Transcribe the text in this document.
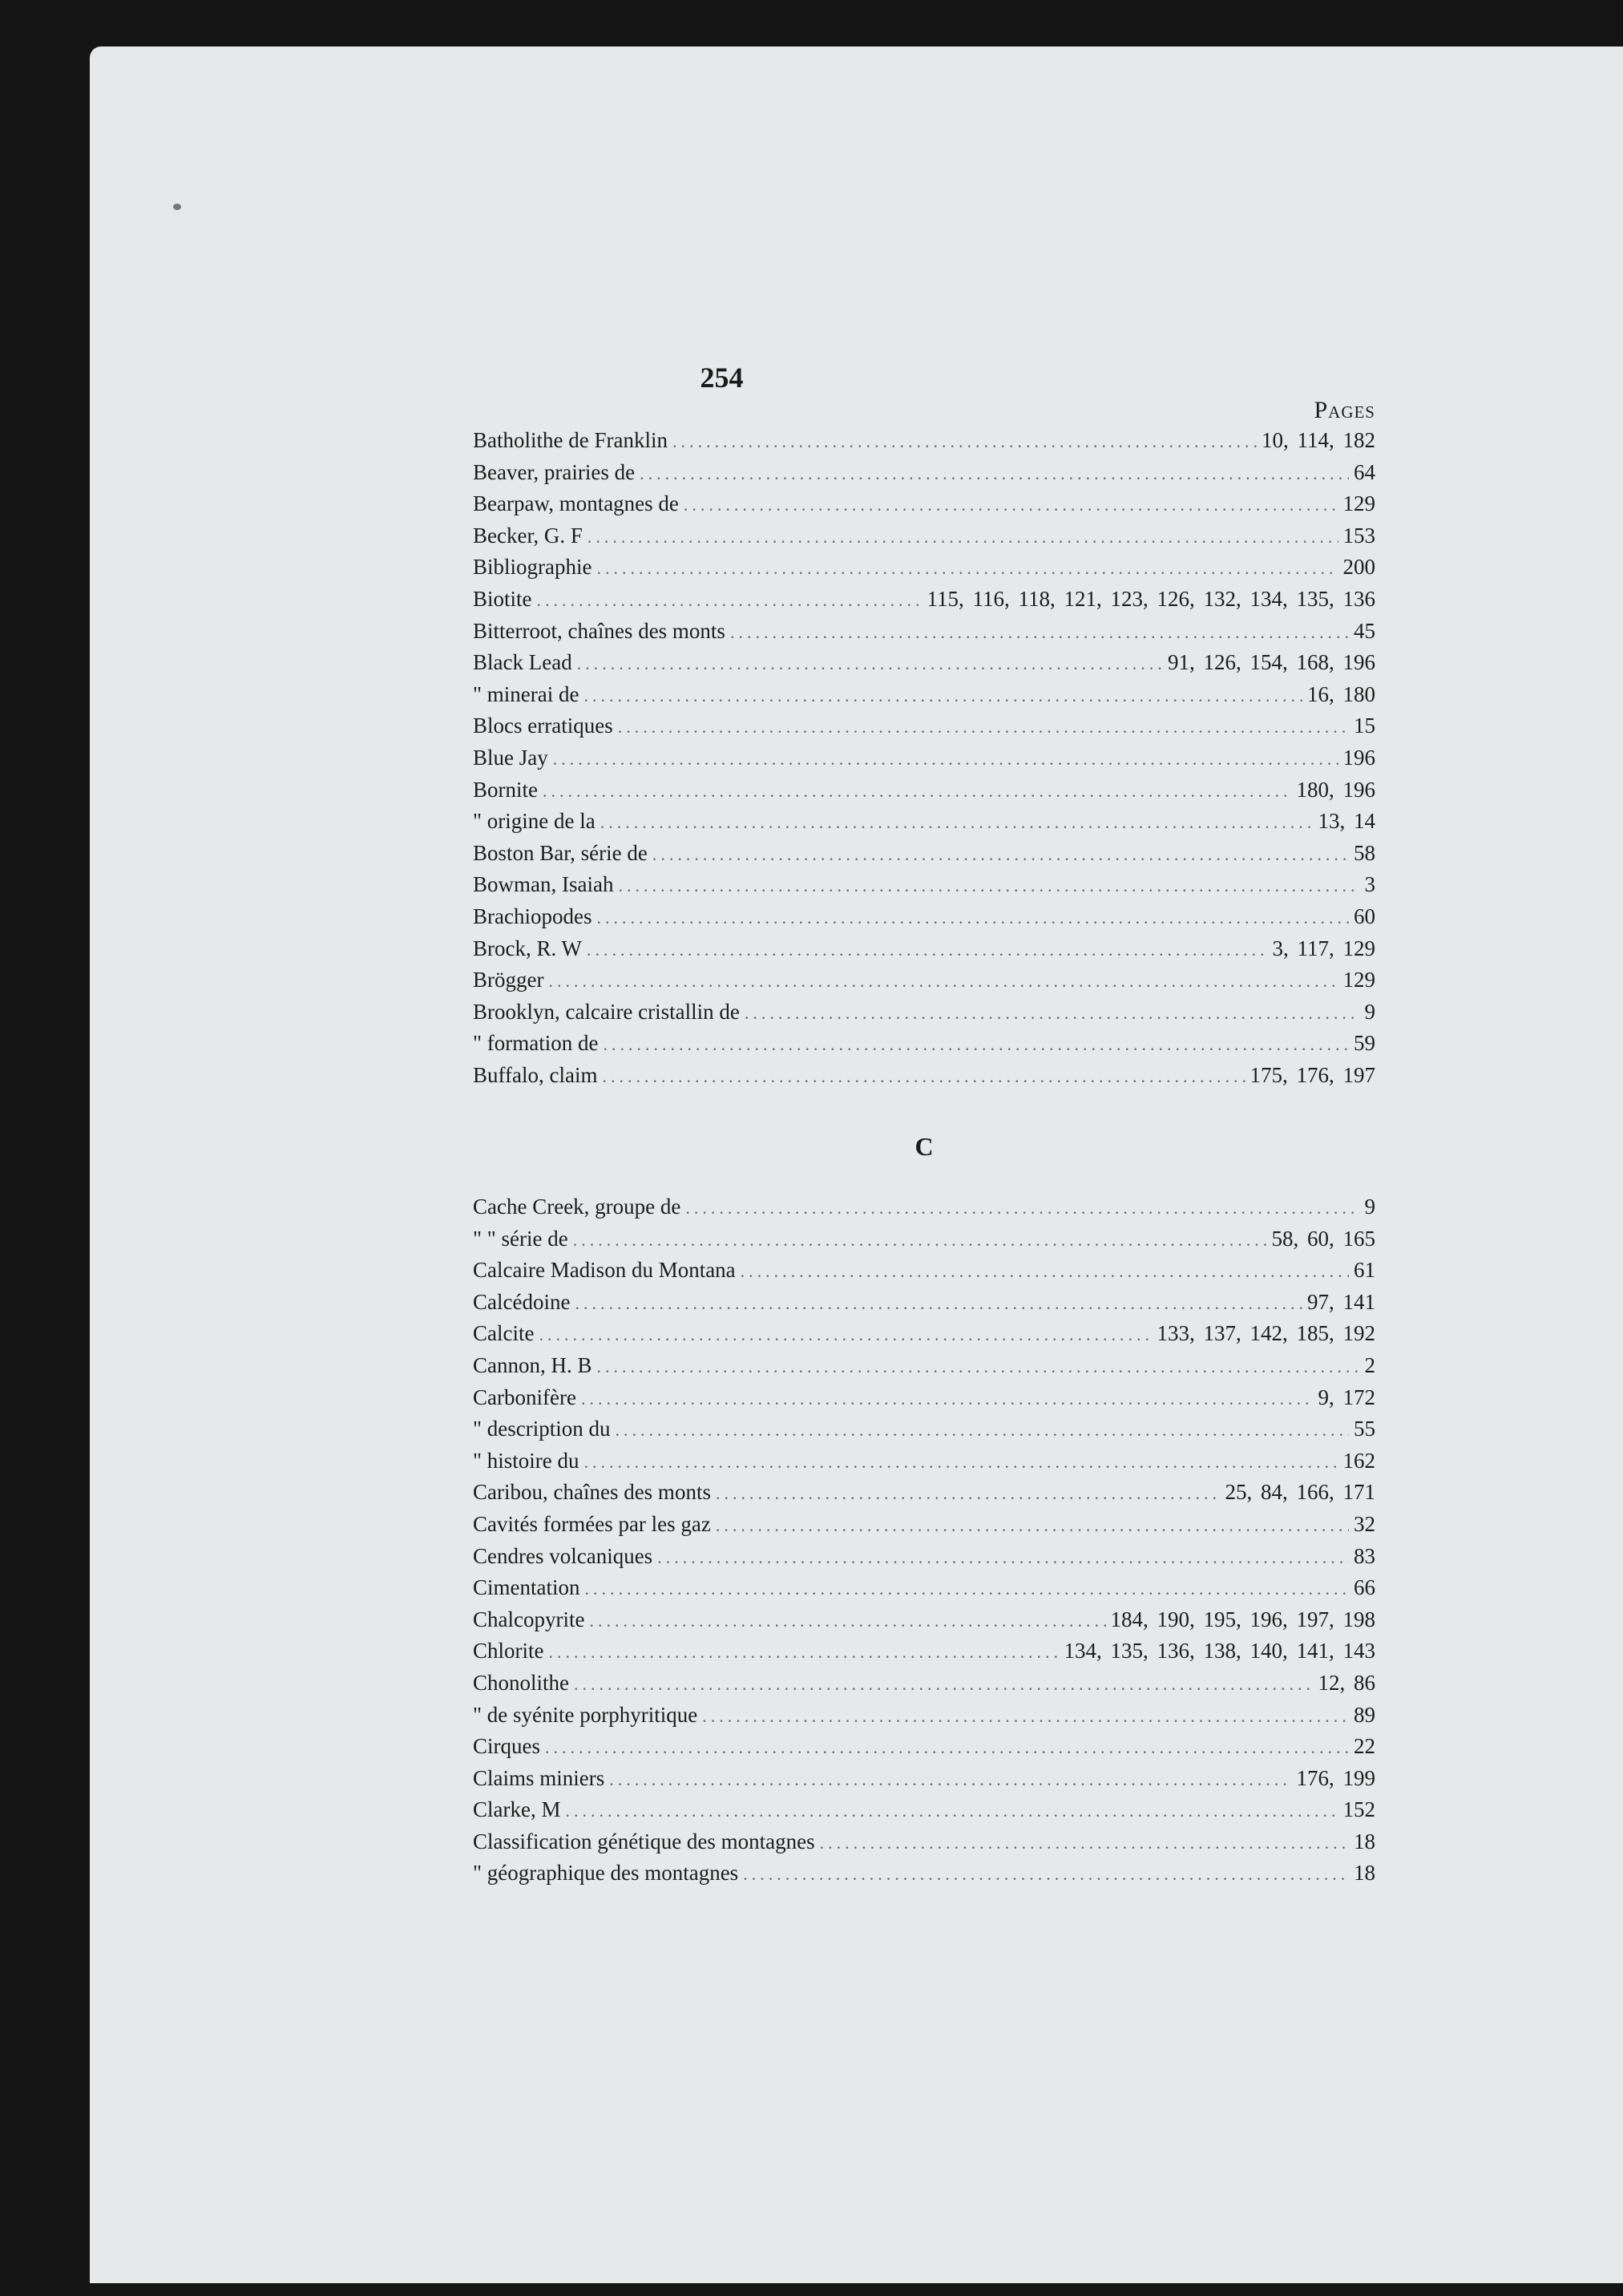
254
Pages
Batholithe de Franklin .....	10, 114, 182
Beaver, prairies de .....	64
Bearpaw, montagnes de .....	129
Becker, G. F .....	153
Bibliographie .....	200
Biotite .....	115, 116, 118, 121, 123, 126, 132, 134, 135, 136
Bitterroot, chaînes des monts .....	45
Black Lead .....	91, 126, 154, 168, 196
" minerai de .....	16, 180
Blocs erratiques .....	15
Blue Jay .....	196
Bornite .....	180, 196
" origine de la .....	13, 14
Boston Bar, série de .....	58
Bowman, Isaiah .....	3
Brachiopodes .....	60
Brock, R. W .....	3, 117, 129
Brögger .....	129
Brooklyn, calcaire cristallin de .....	9
" formation de .....	59
Buffalo, claim .....	175, 176, 197
C
Cache Creek, groupe de .....	9
" " série de .....	58, 60, 165
Calcaire Madison du Montana .....	61
Calcédoine .....	97, 141
Calcite .....	133, 137, 142, 185, 192
Cannon, H. B .....	2
Carbonifère .....	9, 172
" description du .....	55
" histoire du .....	162
Caribou, chaînes des monts .....	25, 84, 166, 171
Cavités formées par les gaz .....	32
Cendres volcaniques .....	83
Cimentation .....	66
Chalcopyrite .....	184, 190, 195, 196, 197, 198
Chlorite .....	134, 135, 136, 138, 140, 141, 143
Chonolithe .....	12, 86
" de syénite porphyritique .....	89
Cirques .....	22
Claims miniers .....	176, 199
Clarke, M .....	152
Classification génétique des montagnes .....	18
" géographique des montagnes .....	18
